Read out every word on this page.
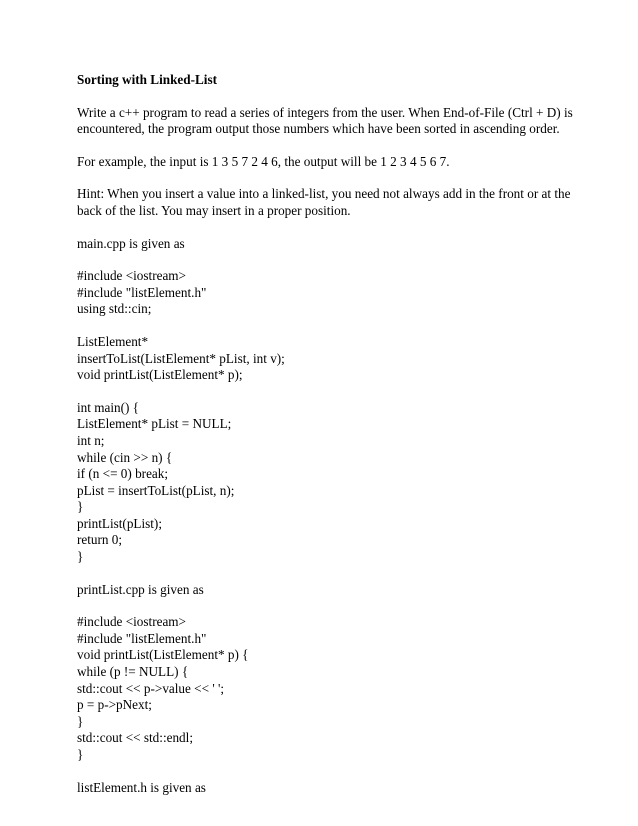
Sorting with Linked-List
Write a c++ program to read a series of integers from the user. When End-of-File (Ctrl + D) is encountered, the program output those numbers which have been sorted in ascending order.
For example, the input is 1 3 5 7 2 4 6, the output will be 1 2 3 4 5 6 7.
Hint: When you insert a value into a linked-list, you need not always add in the front or at the back of the list. You may insert in a proper position.
main.cpp is given as
#include <iostream>
#include "listElement.h"
using std::cin;
ListElement*
insertToList(ListElement* pList, int v);
void printList(ListElement* p);
int main() {
ListElement* pList = NULL;
int n;
while (cin >> n) {
if (n <= 0) break;
pList = insertToList(pList, n);
}
printList(pList);
return 0;
}
printList.cpp is given as
#include <iostream>
#include "listElement.h"
void printList(ListElement* p) {
while (p != NULL) {
std::cout << p->value << ' ';
p = p->pNext;
}
std::cout << std::endl;
}
listElement.h is given as
